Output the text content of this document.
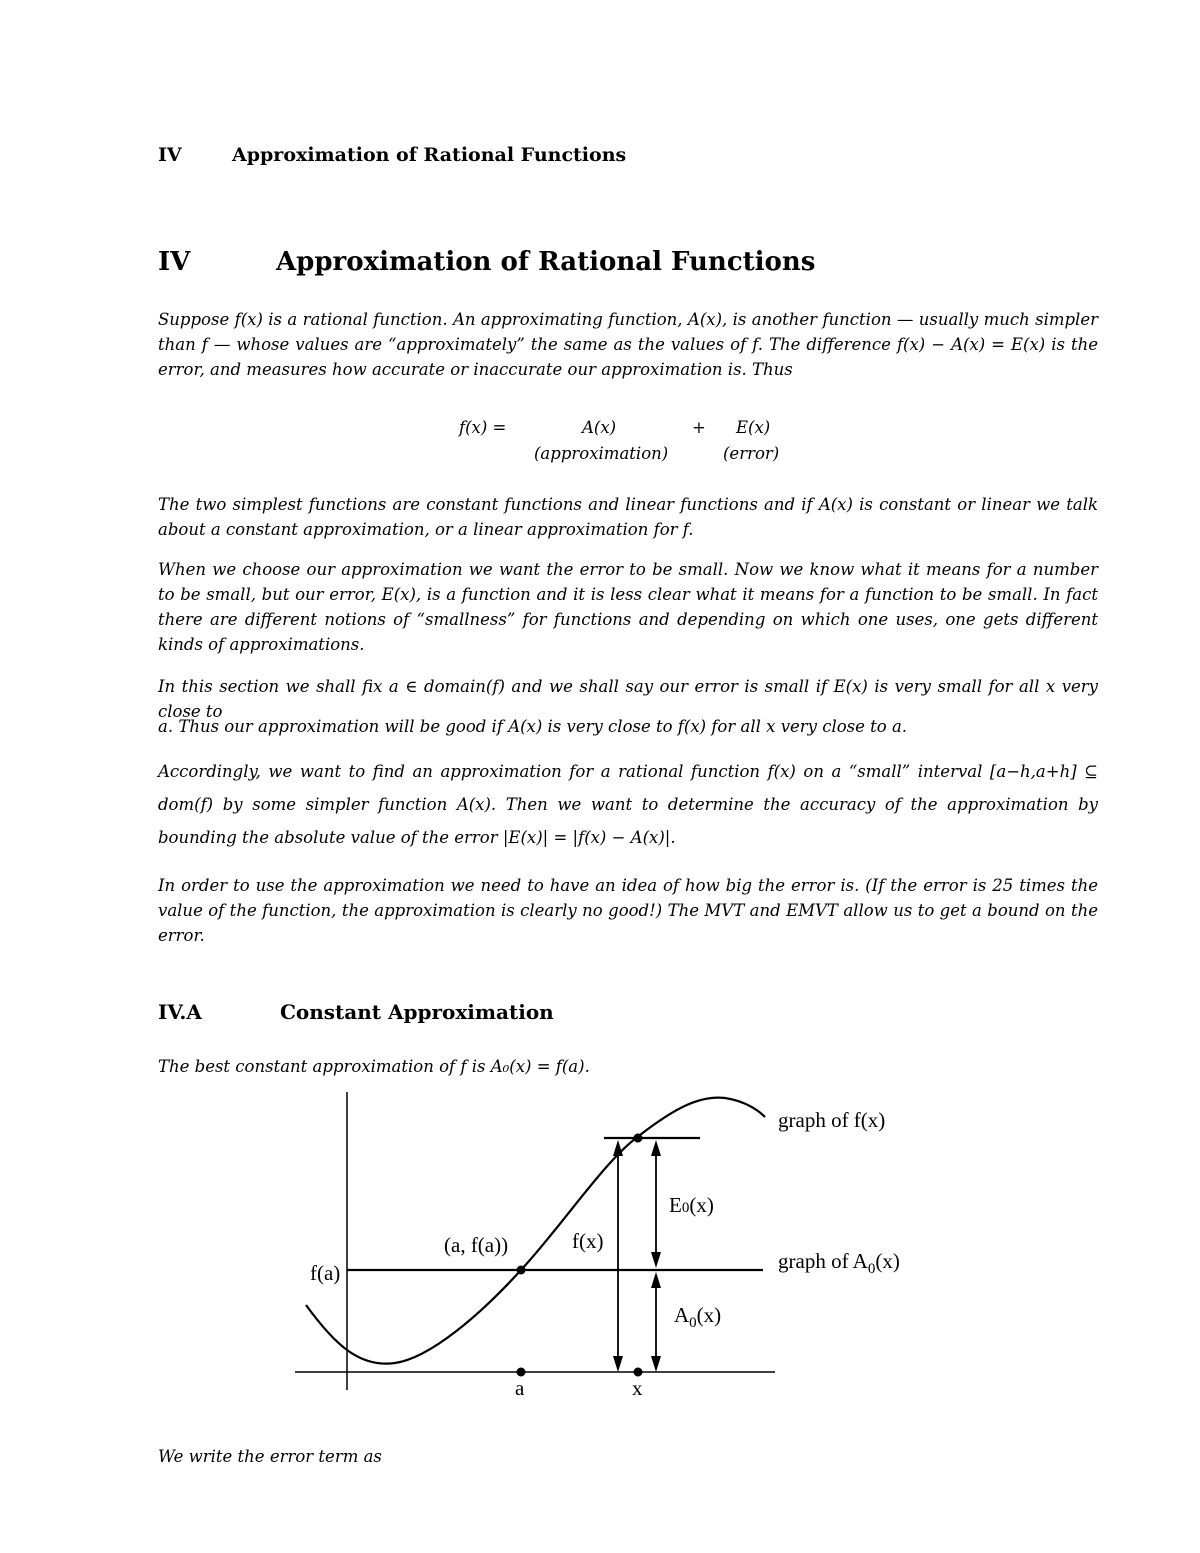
IV	Approximation of Rational Functions
IV	Approximation of Rational Functions

Suppose f(x) is a rational function. An approximating function, A(x), is another function — usually much simpler than f — whose values are “approximately” the same as the values of f. The difference f(x) − A(x) = E(x) is the error, and measures how accurate or inaccurate our approximation is. Thus

f(x) =	A(x)	+ E(x)
(approximation)	(error)

The two simplest functions are constant functions and linear functions and if A(x) is constant or linear we talk about a constant approximation, or a linear approximation for f.

When we choose our approximation we want the error to be small. Now we know what it means for a number to be small, but our error, E(x), is a function and it is less clear what it means for a function to be small. In fact there are different notions of “smallness” for functions and depending on which one uses, one gets different kinds of approximations.

In this section we shall fix a ∈ domain(f) and we shall say our error is small if E(x) is very small for all x very close to

a. Thus our approximation will be good if A(x) is very close to f(x) for all x very close to a.

Accordingly, we want to find an approximation for a rational function f(x) on a “small” interval [a−h,a+h] ⊆ dom(f) by some simpler function A(x). Then we want to determine the accuracy of the approximation by bounding the absolute value of the error |E(x)| = |f(x) − A(x)|.

In order to use the approximation we need to have an idea of how big the error is. (If the error is 25 times the value of the function, the approximation is clearly no good!) The MVT and EMVT allow us to get a bound on the error.

IV.A	Constant Approximation

The best constant approximation of f is A₀(x) = f(a).

graph of f(x)
graph of $A_0(x)$
E0(x)
$A_0(x)$
f(x)
(a, f(a))
f(a)
a	x

We write the error term as
